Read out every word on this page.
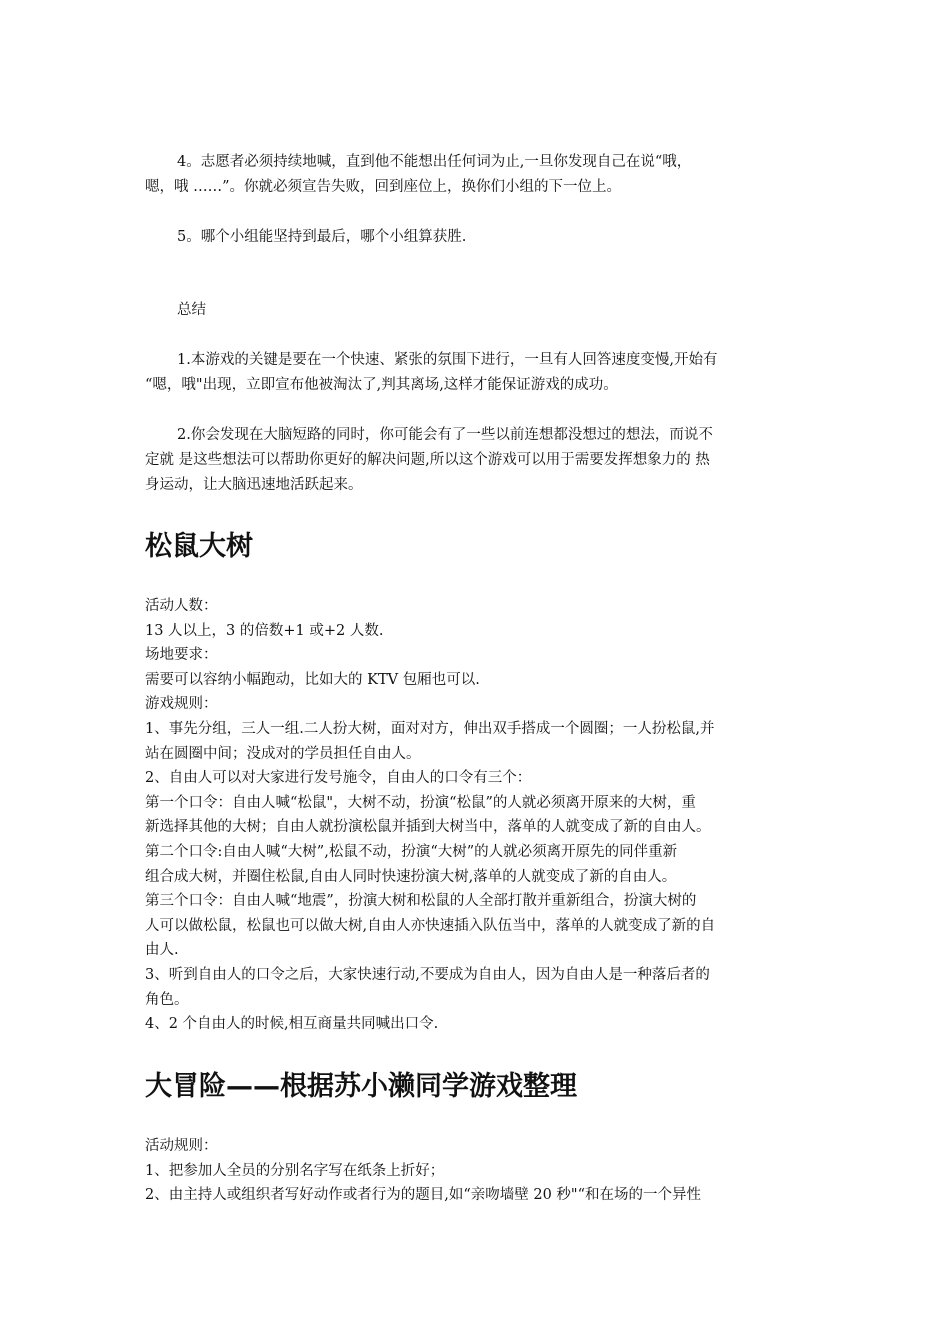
4。志愿者必须持续地喊，直到他不能想出任何词为止,一旦你发现自己在说“哦，
嗯，哦 ……”。你就必须宣告失败，回到座位上，换你们小组的下一位上。

5。哪个小组能坚持到最后，哪个小组算获胜.

总结

1.本游戏的关键是要在一个快速、紧张的氛围下进行，一旦有人回答速度变慢,开始有
“嗯，哦"出现，立即宣布他被淘汰了,判其离场,这样才能保证游戏的成功。

2.你会发现在大脑短路的同时，你可能会有了一些以前连想都没想过的想法，而说不
定就 是这些想法可以帮助你更好的解决问题,所以这个游戏可以用于需要发挥想象力的 热
身运动，让大脑迅速地活跃起来。

松鼠大树
活动人数：
13 人以上，3 的倍数+1 或+2 人数.
场地要求：
需要可以容纳小幅跑动，比如大的 KTV 包厢也可以.
游戏规则：
1、事先分组，三人一组.二人扮大树，面对对方，伸出双手搭成一个圆圈；一人扮松鼠,并
站在圆圈中间；没成对的学员担任自由人。
2、自由人可以对大家进行发号施令，自由人的口令有三个：
第一个口令：自由人喊“松鼠"，大树不动，扮演“松鼠”的人就必须离开原来的大树，重
新选择其他的大树；自由人就扮演松鼠并插到大树当中，落单的人就变成了新的自由人。
第二个口令:自由人喊“大树”,松鼠不动，扮演“大树”的人就必须离开原先的同伴重新
组合成大树，并圈住松鼠,自由人同时快速扮演大树,落单的人就变成了新的自由人。
第三个口令：自由人喊“地震”，扮演大树和松鼠的人全部打散并重新组合，扮演大树的
人可以做松鼠，松鼠也可以做大树,自由人亦快速插入队伍当中，落单的人就变成了新的自
由人.
3、听到自由人的口令之后，大家快速行动,不要成为自由人，因为自由人是一种落后者的
角色。
4、2 个自由人的时候,相互商量共同喊出口令.
大冒险——根据苏小濑同学游戏整理
活动规则：
1、把参加人全员的分别名字写在纸条上折好；
2、由主持人或组织者写好动作或者行为的题目,如“亲吻墙壁 20 秒"“和在场的一个异性
